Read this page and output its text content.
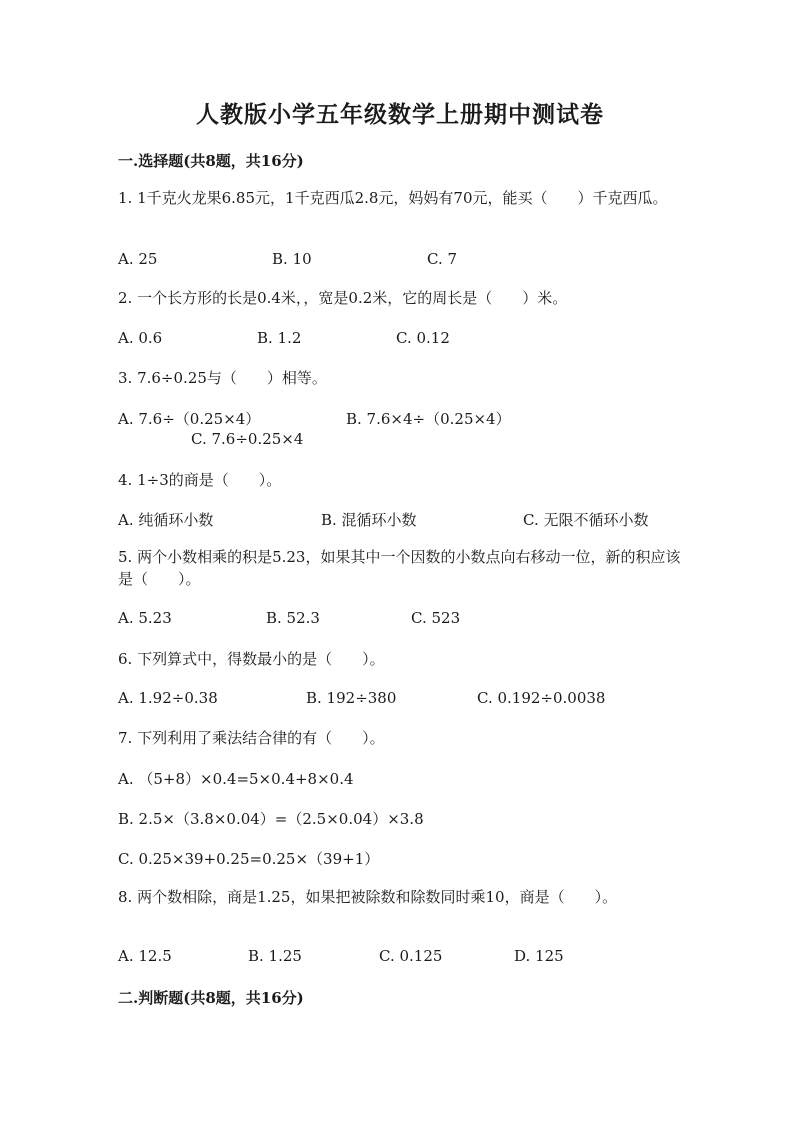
人教版小学五年级数学上册期中测试卷
一.选择题(共8题，共16分)
1. 1千克火龙果6.85元，1千克西瓜2.8元，妈妈有70元，能买（　　）千克西瓜。
A. 25	B. 10	C. 7
2. 一个长方形的长是0.4米，，宽是0.2米，它的周长是（　　）米。
A. 0.6	B. 1.2	C. 0.12
3. 7.6÷0.25与（　　）相等。
A. 7.6÷（0.25×4）	B. 7.6×4÷（0.25×4）
C. 7.6÷0.25×4
4. 1÷3的商是（　　）。
A. 纯循环小数	B. 混循环小数	C. 无限不循环小数
5. 两个小数相乘的积是5.23，如果其中一个因数的小数点向右移动一位，新的积应该是（　　）。
A. 5.23	B. 52.3	C. 523
6. 下列算式中，得数最小的是（　　）。
A. 1.92÷0.38	B. 192÷380	C. 0.192÷0.0038
7. 下列利用了乘法结合律的有（　　）。
A. （5+8）×0.4=5×0.4+8×0.4
B. 2.5×（3.8×0.04）=（2.5×0.04）×3.8
C. 0.25×39+0.25=0.25×（39+1）
8. 两个数相除，商是1.25，如果把被除数和除数同时乘10，商是（　　）。
A. 12.5	B. 1.25	C. 0.125	D. 125
二.判断题(共8题，共16分)
